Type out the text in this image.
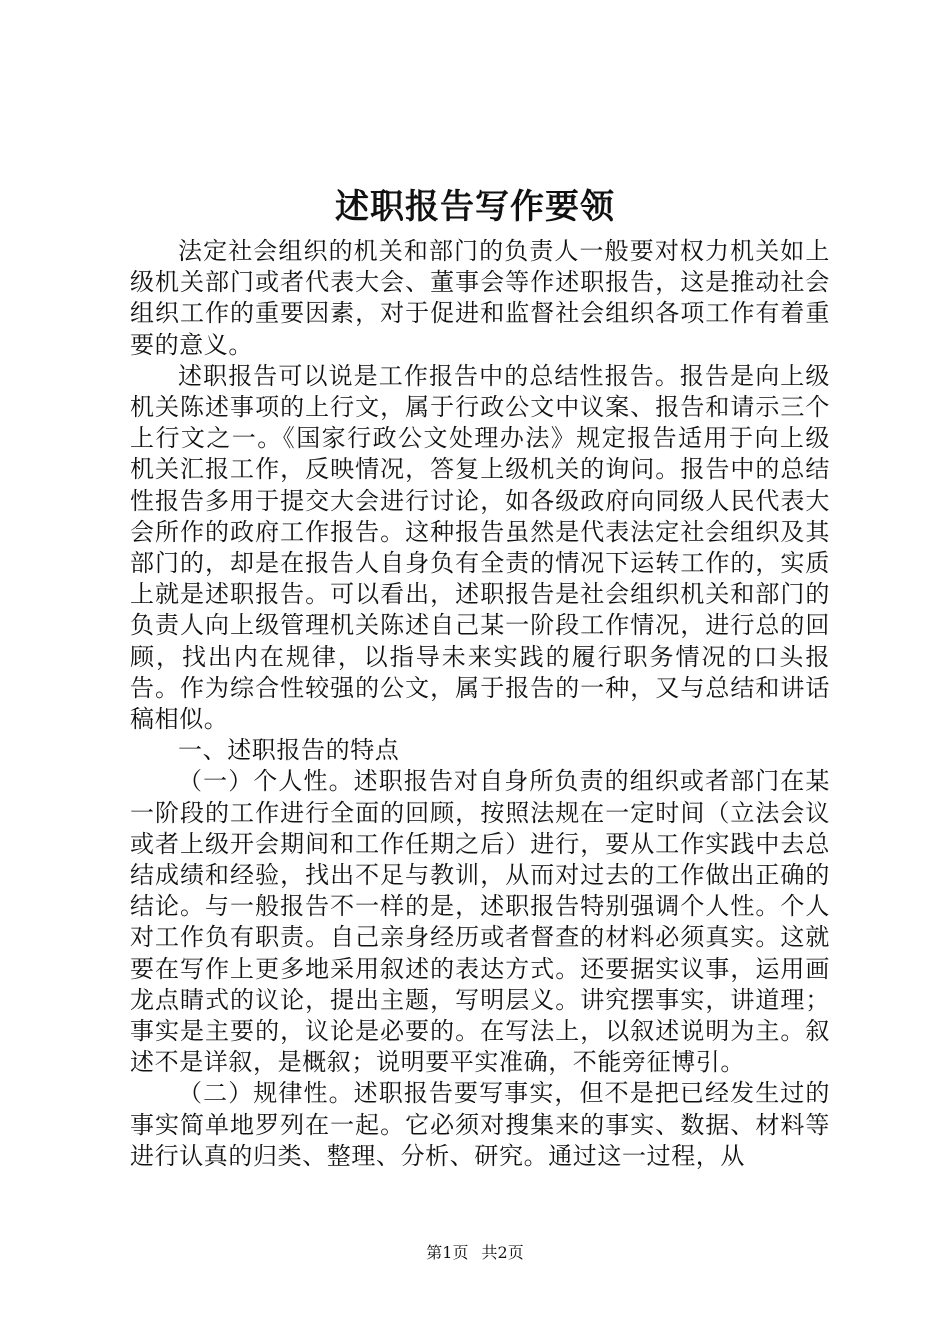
述职报告写作要领

法定社会组织的机关和部门的负责人一般要对权力机关如上级机关部门或者代表大会、董事会等作述职报告，这是推动社会组织工作的重要因素，对于促进和监督社会组织各项工作有着重要的意义。

述职报告可以说是工作报告中的总结性报告。报告是向上级机关陈述事项的上行文，属于行政公文中议案、报告和请示三个上行文之一。《国家行政公文处理办法》规定报告适用于向上级机关汇报工作，反映情况，答复上级机关的询问。报告中的总结性报告多用于提交大会进行讨论，如各级政府向同级人民代表大会所作的政府工作报告。这种报告虽然是代表法定社会组织及其部门的，却是在报告人自身负有全责的情况下运转工作的，实质上就是述职报告。可以看出，述职报告是社会组织机关和部门的负责人向上级管理机关陈述自己某一阶段工作情况，进行总的回顾，找出内在规律，以指导未来实践的履行职务情况的口头报告。作为综合性较强的公文，属于报告的一种，又与总结和讲话稿相似。

一、述职报告的特点

（一）个人性。述职报告对自身所负责的组织或者部门在某一阶段的工作进行全面的回顾，按照法规在一定时间（立法会议或者上级开会期间和工作任期之后）进行，要从工作实践中去总结成绩和经验，找出不足与教训，从而对过去的工作做出正确的结论。与一般报告不一样的是，述职报告特别强调个人性。个人对工作负有职责。自己亲身经历或者督查的材料必须真实。这就要在写作上更多地采用叙述的表达方式。还要据实议事，运用画龙点睛式的议论，提出主题，写明层义。讲究摆事实，讲道理；事实是主要的，议论是必要的。在写法上，以叙述说明为主。叙述不是详叙，是概叙；说明要平实准确，不能旁征博引。

（二）规律性。述职报告要写事实，但不是把已经发生过的事实简单地罗列在一起。它必须对搜集来的事实、数据、材料等进行认真的归类、整理、分析、研究。通过这一过程，从

第1页 共2页
